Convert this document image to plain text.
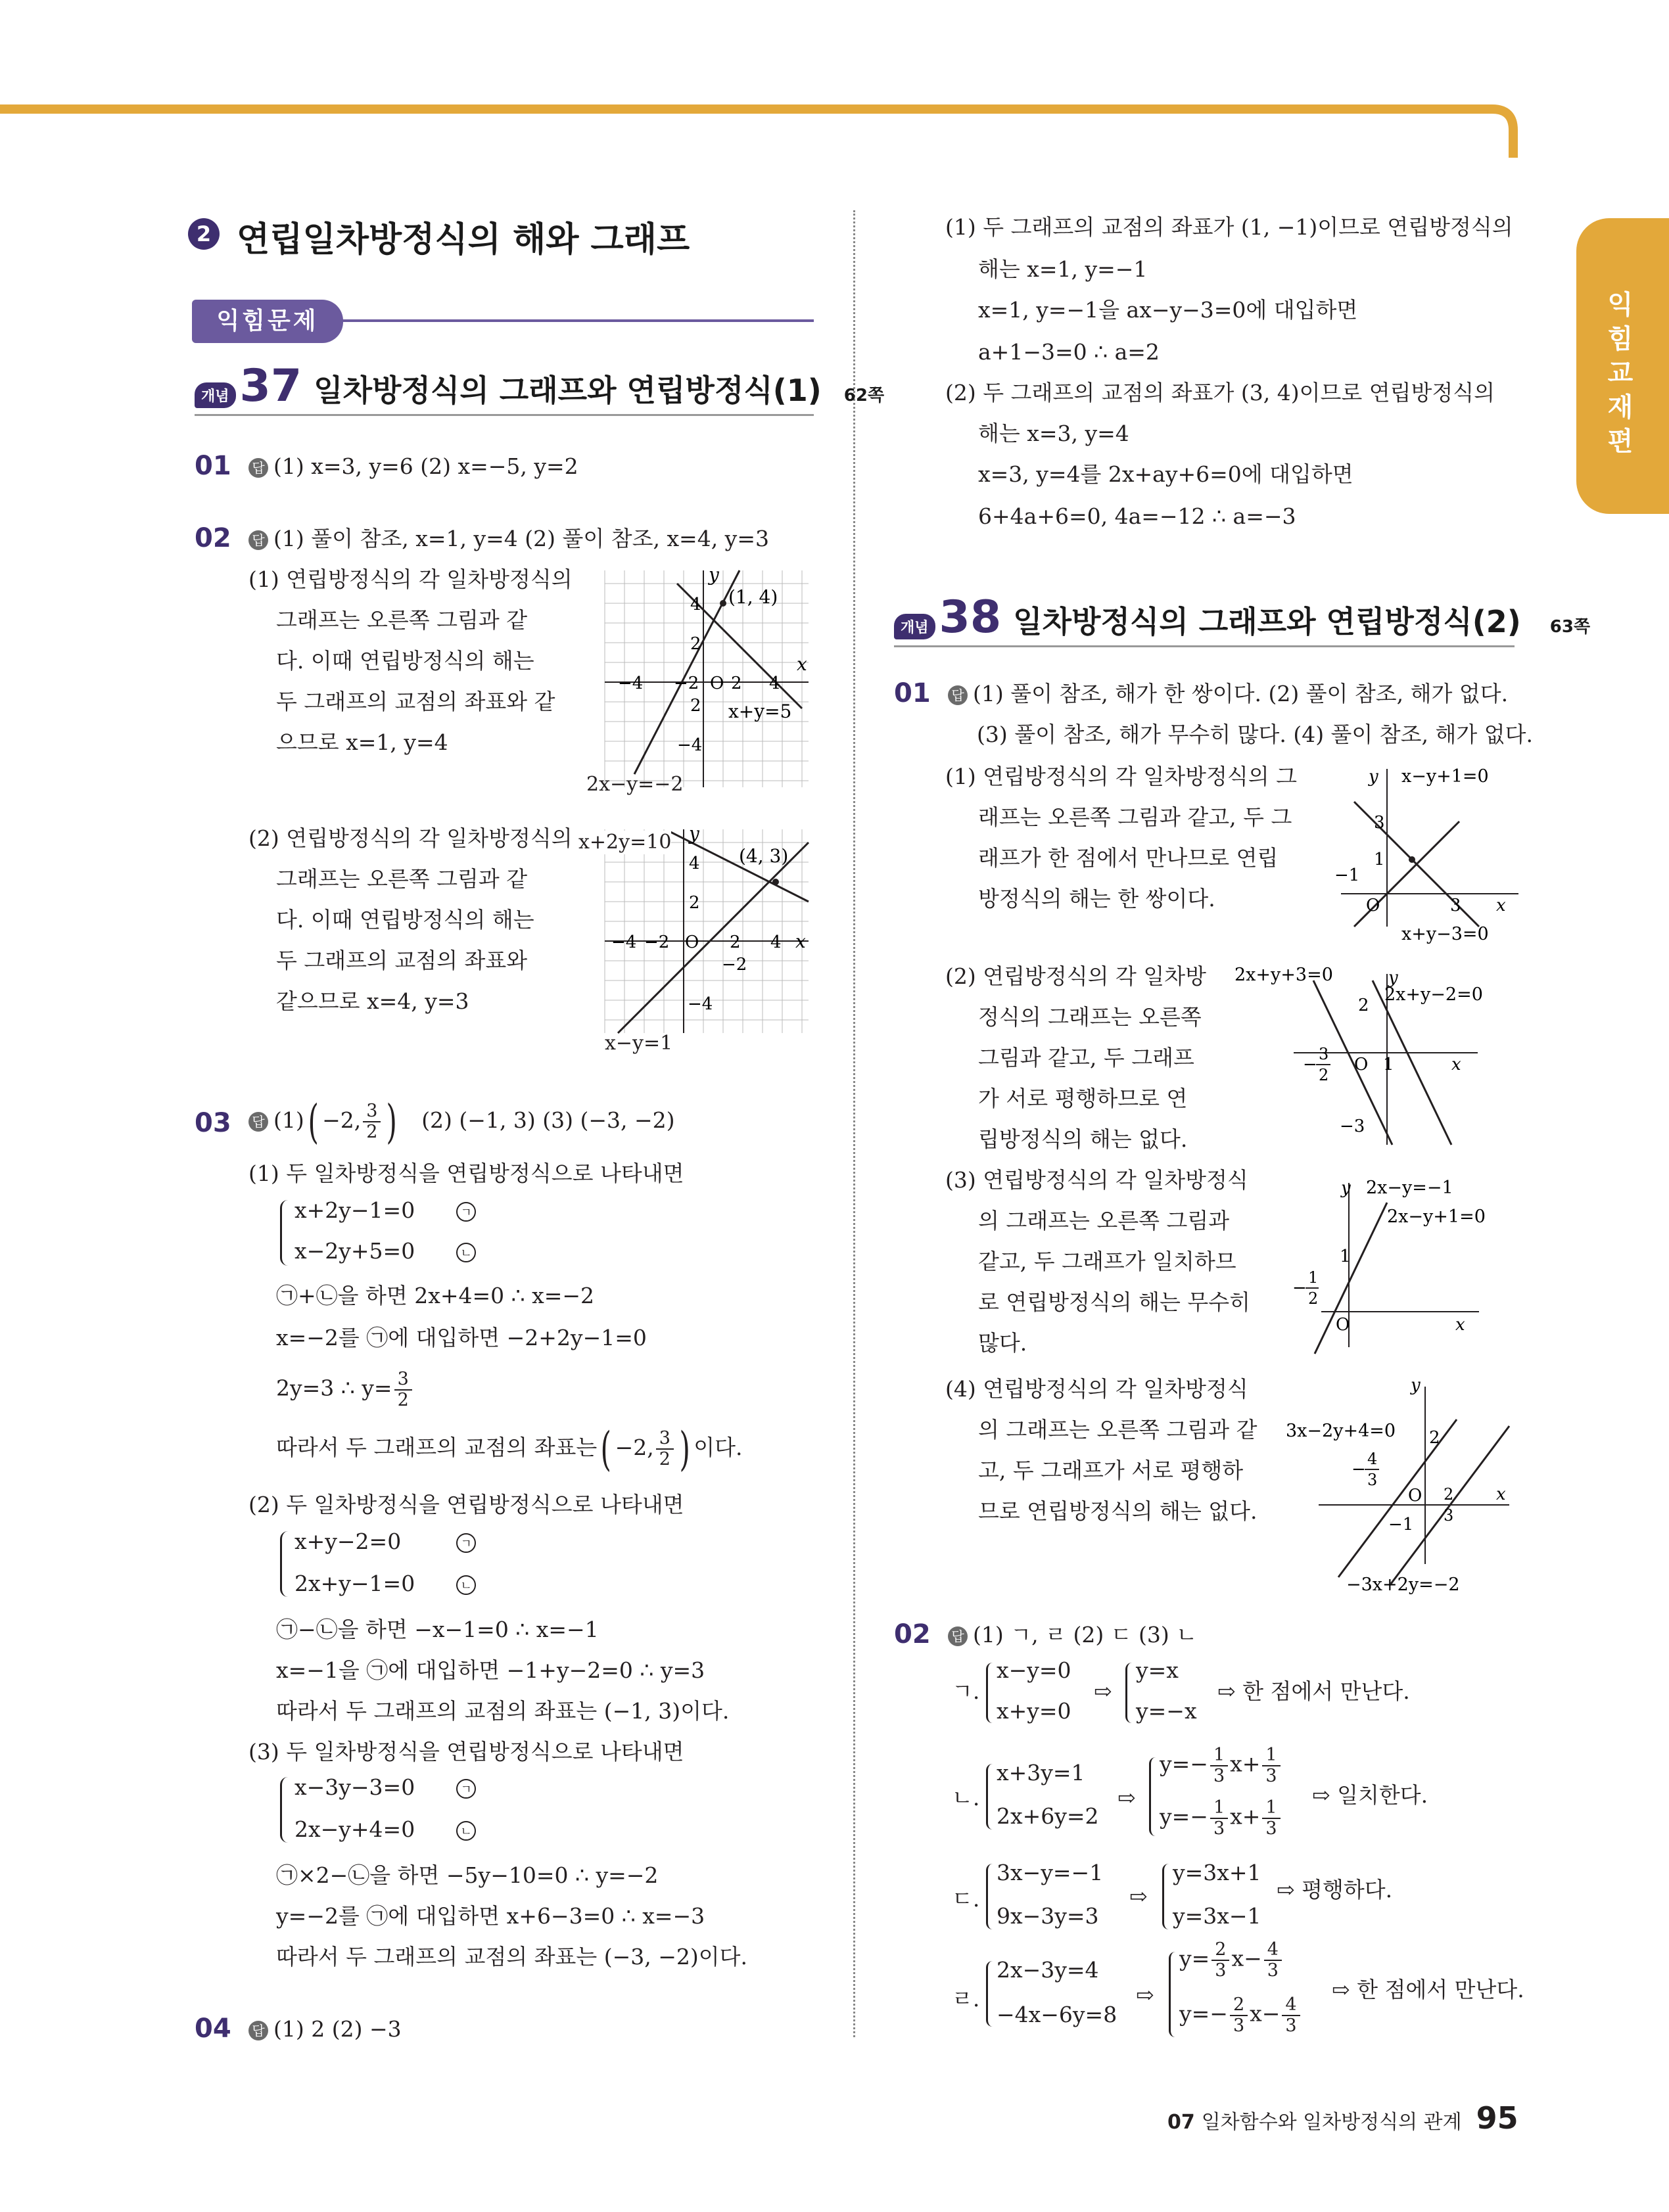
익힘교재편
2 연립일차방정식의 해와 그래프
익힘문제
개념 37 일차방정식의 그래프와 연립방정식(1) 62쪽
01 답 (1) x=3, y=6 (2) x=−5, y=2
02 답 (1) 풀이 참조, x=1, y=4 (2) 풀이 참조, x=4, y=3
(1) 연립방정식의 각 일차방정식의
그래프는 오른쪽 그림과 같
다. 이때 연립방정식의 해는
두 그래프의 교점의 좌표와 같
으므로 x=1, y=4
(1, 4)
4
2
−2
−4	O 2 4
2
−4
x
y
x+y=5
2x−y=−2
(2) 연립방정식의 각 일차방정식의
그래프는 오른쪽 그림과 같
다. 이때 연립방정식의 해는
두 그래프의 교점의 좌표와
같으므로 x=4, y=3
(4, 3)
4
2
−4 −2 O 2 4
−2
−4
x
y
x+2y=10
x−y=1
03 답 (1)( −2, $\frac{3}{2}$ ) (2) (−1, 3) (3) (−3, −2)
(1) 두 일차방정식을 연립방정식으로 나타내면
x+2y−1=0	ㄱ
x−2y+5=0	ㄴ
㉠+㉡을 하면 2x+4=0 ∴ x=−2
x=−2를 ㉠에 대입하면 −2+2y−1=0
2y=3 ∴ $y= \frac{3}{2}$
따라서 두 그래프의 교점의 좌표는( −2, $\frac{3}{2}$ ) 이다.
(2) 두 일차방정식을 연립방정식으로 나타내면
x+y−2=0	ㄱ
2x+y−1=0	ㄴ
㉠−㉡을 하면 −x−1=0 ∴ x=−1
x=−1을 ㉠에 대입하면 −1+y−2=0 ∴ y=3
따라서 두 그래프의 교점의 좌표는 (−1, 3)이다.
(3) 두 일차방정식을 연립방정식으로 나타내면
x−3y−3=0	ㄱ
2x−y+4=0	ㄴ
㉠×2−㉡을 하면 −5y−10=0 ∴ y=−2
y=−2를 ㉠에 대입하면 x+6−3=0 ∴ x=−3
따라서 두 그래프의 교점의 좌표는 (−3, −2)이다.
04 답 (1) 2 (2) −3
(1) 두 그래프의 교점의 좌표가 (1, −1)이므로 연립방정식의
해는 x=1, y=−1
x=1, y=−1을 ax−y−3=0에 대입하면
a+1−3=0 ∴ a=2
(2) 두 그래프의 교점의 좌표가 (3, 4)이므로 연립방정식의
해는 x=3, y=4
x=3, y=4를 2x+ay+6=0에 대입하면
6+4a+6=0, 4a=−12 ∴ a=−3
개념 38 일차방정식의 그래프와 연립방정식(2) 63쪽
01 답 (1) 풀이 참조, 해가 한 쌍이다. (2) 풀이 참조, 해가 없다.
(3) 풀이 참조, 해가 무수히 많다. (4) 풀이 참조, 해가 없다.
(1) 연립방정식의 각 일차방정식의 그
래프는 오른쪽 그림과 같고, 두 그
래프가 한 점에서 만나므로 연립
방정식의 해는 한 쌍이다.
y x−y+1=0
3
1
−1
O	3 x
x+y−3=0
(2) 연립방정식의 각 일차방
정식의 그래프는 오른쪽
그림과 같고, 두 그래프
가 서로 평행하므로 연
립방정식의 해는 없다.
2x+y+3=0	y
2x+y−2=0
2
−
3
2
O 1	x
−3
(3) 연립방정식의 각 일차방정식
의 그래프는 오른쪽 그림과
같고, 두 그래프가 일치하므
로 연립방정식의 해는 무수히
많다.
y 2x−y=−1
2x−y+1=0
1
−
1
2
O	x
(4) 연립방정식의 각 일차방정식
의 그래프는 오른쪽 그림과 같
고, 두 그래프가 서로 평행하
므로 연립방정식의 해는 없다.
y
3x−2y+4=0 2
−
4
3
O 2
3
x
−1
−3x+2y=−2
02 답 (1) ㄱ, ㄹ (2) ㄷ (3) ㄴ
ㄱ.
x−y=0
x+y=0
⇨
y=x
y=−x
⇨ 한 점에서 만난다.
ㄴ.
x+3y=1
2x+6y=2
⇨
$y=- \frac{1}{3} x+ \frac{1}{3}$
$y=- \frac{1}{3} x+ \frac{1}{3}$
⇨ 일치한다.
ㄷ.
3x−y=−1
9x−3y=3
⇨
y=3x+1
y=3x−1
⇨ 평행하다.
ㄹ.
2x−3y=4
−4x−6y=8
⇨
$y= \frac{2}{3} x- \frac{4}{3}$
$y=- \frac{2}{3} x- \frac{4}{3}$
⇨ 한 점에서 만난다.
07 일차함수와 일차방정식의 관계 95
